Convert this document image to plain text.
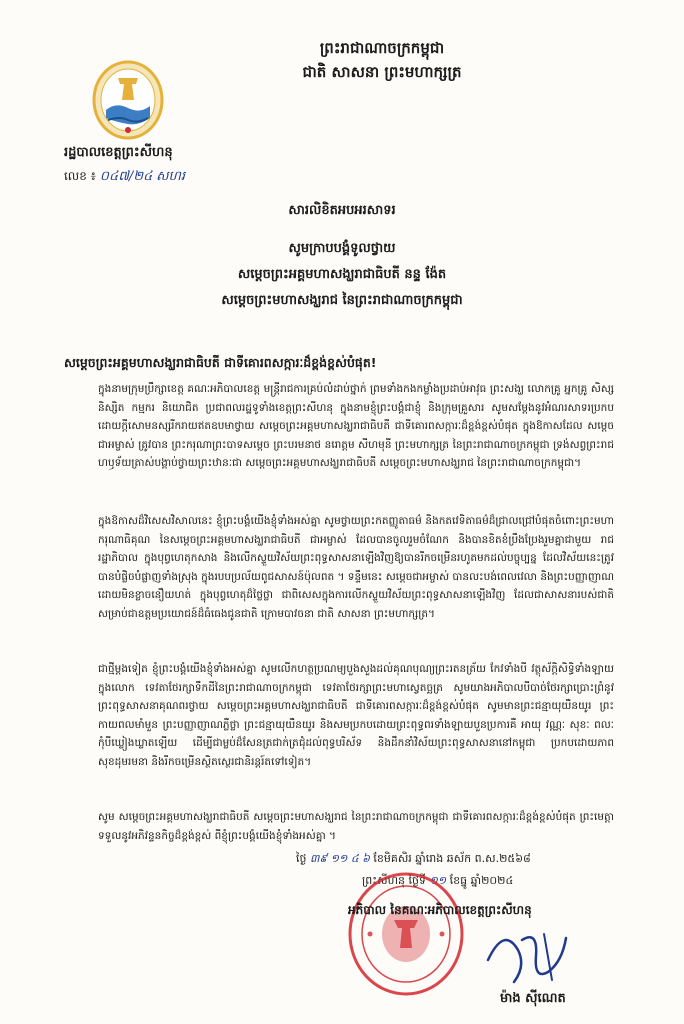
ព្រះរាជាណាចក្រកម្ពុជា
ជាតិ សាសនា ព្រះមហាក្សត្រ
រដ្ឋបាលខេត្តព្រះសីហនុ
លេខ ៖ ០៤៧/២៤ សហរ
សារលិខិតអបអរសាទរ
សូមក្រាបបង្គំទូលថ្វាយ
សម្តេចព្រះអគ្គមហាសង្ឃរាជាធិបតី នន្ទ ង៉ែត
សម្តេចព្រះមហាសង្ឃរាជ នៃព្រះរាជាណាចក្រកម្ពុជា
សម្តេចព្រះអគ្គមហាសង្ឃរាជាធិបតី ជាទីគោរពសក្ការៈដ៏ខ្ពង់ខ្ពស់បំផុត!
ក្នុងនាមក្រុមប្រឹក្សាខេត្ត គណៈអភិបាលខេត្ត មន្ត្រីរាជការគ្រប់លំដាប់ថ្នាក់ ព្រមទាំងកងកម្លាំងប្រដាប់អាវុធ ព្រះសង្ឃ លោកគ្រូ អ្នកគ្រូ សិស្ស និស្សិត កម្មករ និយោជិត ប្រជាពលរដ្ឋទូទាំងខេត្តព្រះសីហនុ ក្នុងនាមខ្ញុំព្រះបង្គំជាខ្ញុំ និងក្រុមគ្រួសារ សូមសម្តែងនូវអំណរសាទរប្រកបដោយក្តីសោមនស្សរីករាយឥតឧបមាថ្វាយ សម្តេចព្រះអគ្គមហាសង្ឃរាជាធិបតី ជាទីគោរពសក្ការៈដ៏ខ្ពង់ខ្ពស់បំផុត ក្នុងឱកាសដែល សម្តេចជាអម្ចាស់ ត្រូវបាន ព្រះករុណាព្រះបាទសម្តេច ព្រះបរមនាថ នរោត្តម សីហមុនី ព្រះមហាក្សត្រ នៃព្រះរាជាណាចក្រកម្ពុជា ទ្រង់សព្វព្រះរាជហឫទ័យត្រាស់បង្គាប់ថ្វាយព្រះឋានៈជា សម្តេចព្រះអគ្គមហាសង្ឃរាជាធិបតី សម្តេចព្រះមហាសង្ឃរាជ នៃព្រះរាជាណាចក្រកម្ពុជា។
ក្នុងឱកាសដ៏វិសេសវិសាលនេះ ខ្ញុំព្រះបង្គំយើងខ្ញុំទាំងអស់គ្នា សូមថ្វាយព្រះកតញ្ញូតាធម៌ និងកតវេទិតាធម៌ដ៏ជ្រាលជ្រៅបំផុតចំពោះព្រះមហាករុណាធិគុណ នៃសម្តេចព្រះអគ្គមហាសង្ឃរាជាធិបតី ជាអម្ចាស់ ដែលបានចូលរួមចំណែក និងបានខិតខំប្រឹងប្រែងរួមគ្នាជាមួយ រាជរដ្ឋាភិបាល ក្នុងបុព្វហេតុកសាង និងលើកស្ទួយវិស័យព្រះពុទ្ធសាសនាឡើងវិញឱ្យបានរីកចម្រើនរហូតមកដល់បច្ចុប្បន្ន ដែលវិស័យនេះត្រូវបានបំផ្លិចបំផ្លាញទាំងស្រុង ក្នុងរបបប្រល័យពូជសាសន៍ប៉ុលពត ។ ទន្ទឹមនេះ សម្តេចជាអម្ចាស់ បានលះបង់ពេលវេលា និងព្រះបញ្ញាញាណដោយមិនខ្លាចនឿយហត់ ក្នុងបុព្វហេតុដ៏ថ្លៃថ្លា ជាពិសេសក្នុងការលើកស្ទួយវិស័យព្រះពុទ្ធសាសនាឡើងវិញ ដែលជាសាសនារបស់ជាតិ សម្រាប់ជាឧត្តមប្រយោជន៍ដ៏ធំធេងជូនជាតិ ក្រោមបាវចនា ជាតិ សាសនា ព្រះមហាក្សត្រ។
ជាថ្មីម្តងទៀត ខ្ញុំព្រះបង្គំយើងខ្ញុំទាំងអស់គ្នា សូមលើកហត្ថប្រណម្យបួងសួងដល់គុណបុណ្យព្រះរតនត្រ័យ កែវទាំងបី វត្ថុស័ក្តិសិទ្ធិទាំងឡាយក្នុងលោក ទេវតាថែរក្សាទឹកដីនៃព្រះរាជាណាចក្រកម្ពុជា ទេវតាថែរក្សាព្រះមហាស្វេតច្ឆត្រ សូមយាងអភិបាលបីបាច់ថែរក្សាប្រោះព្រំនូវព្រះពុទ្ធសាសនាគុណពរថ្វាយ សម្តេចព្រះអគ្គមហាសង្ឃរាជាធិបតី ជាទីគោរពសក្ការៈដ៏ខ្ពង់ខ្ពស់បំផុត សូមមានព្រះជន្មាយុយឺនយូរ ព្រះកាយពលមាំមួន ព្រះបញ្ញាញាណភ្លឺថ្លា ព្រះជន្មាយុយឺនយូរ និងសមប្រកបដោយព្រះពុទ្ធពរទាំងឡាយបួនប្រការគឺ អាយុ វណ្ណៈ សុខៈ ពលៈ កុំបីឃ្លៀងឃ្លាតឡើយ ដើម្បីជាម្លប់ដ៏សែនត្រជាក់ត្រជុំដល់ពុទ្ធបរិស័ទ និងដឹកនាំវិស័យព្រះពុទ្ធសាសនានៅកម្ពុជា ប្រកបដោយភាពសុខដុមរមនា និងរីកចម្រើនស្ថិតស្ថេរជានិរន្តរ៍តទៅទៀត។
សូម សម្តេចព្រះអគ្គមហាសង្ឃរាជាធិបតី សម្តេចព្រះមហាសង្ឃរាជ នៃព្រះរាជាណាចក្រកម្ពុជា ជាទីគោរពសក្ការៈដ៏ខ្ពង់ខ្ពស់បំផុត ព្រះមេត្តាទទួលនូវអភិវន្ទនកិច្ចដ៏ខ្ពង់ខ្ពស់ ពីខ្ញុំព្រះបង្គំយើងខ្ញុំទាំងអស់គ្នា ។
ថ្ងៃ ៣៩ ១១ ៤ ៦ ខែមិគសិរ ឆ្នាំរោង ឆស័ក ព.ស.២៥៦៨
ព្រះសីហនុ ថ្ងៃទី ១១ ខែធ្នូ ឆ្នាំ២០២៤
អភិបាល នៃគណៈអភិបាលខេត្តព្រះសីហនុ
ម៉ាង ស៊ីណេត
